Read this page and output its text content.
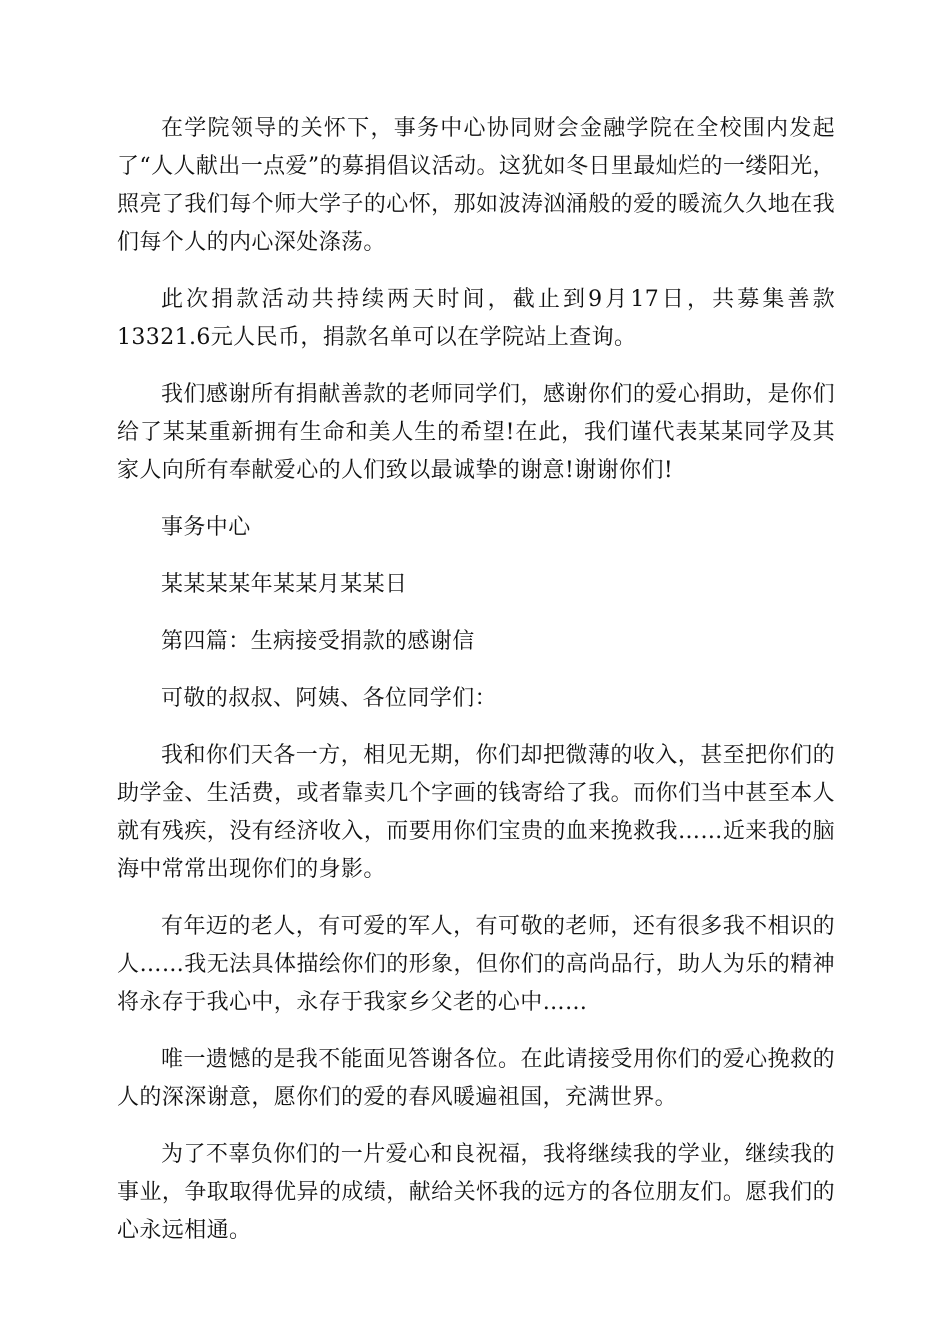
在学院领导的关怀下，事务中心协同财会金融学院在全校围内发起了“人人献出一点爱”的募捐倡议活动。这犹如冬日里最灿烂的一缕阳光，照亮了我们每个师大学子的心怀，那如波涛汹涌般的爱的暖流久久地在我们每个人的内心深处涤荡。

此次捐款活动共持续两天时间，截止到9月17日，共募集善款13321.6元人民币，捐款名单可以在学院站上查询。

我们感谢所有捐献善款的老师同学们，感谢你们的爱心捐助，是你们给了某某重新拥有生命和美人生的希望!在此，我们谨代表某某同学及其家人向所有奉献爱心的人们致以最诚挚的谢意!谢谢你们!

事务中心

某某某某年某某月某某日

第四篇：生病接受捐款的感谢信

可敬的叔叔、阿姨、各位同学们：

我和你们天各一方，相见无期，你们却把微薄的收入，甚至把你们的助学金、生活费，或者靠卖几个字画的钱寄给了我。而你们当中甚至本人就有残疾，没有经济收入，而要用你们宝贵的血来挽救我……近来我的脑海中常常出现你们的身影。

有年迈的老人，有可爱的军人，有可敬的老师，还有很多我不相识的人……我无法具体描绘你们的形象，但你们的高尚品行，助人为乐的精神将永存于我心中，永存于我家乡父老的心中……

唯一遗憾的是我不能面见答谢各位。在此请接受用你们的爱心挽救的人的深深谢意，愿你们的爱的春风暖遍祖国，充满世界。

为了不辜负你们的一片爱心和良祝福，我将继续我的学业，继续我的事业，争取取得优异的成绩，献给关怀我的远方的各位朋友们。愿我们的心永远相通。
